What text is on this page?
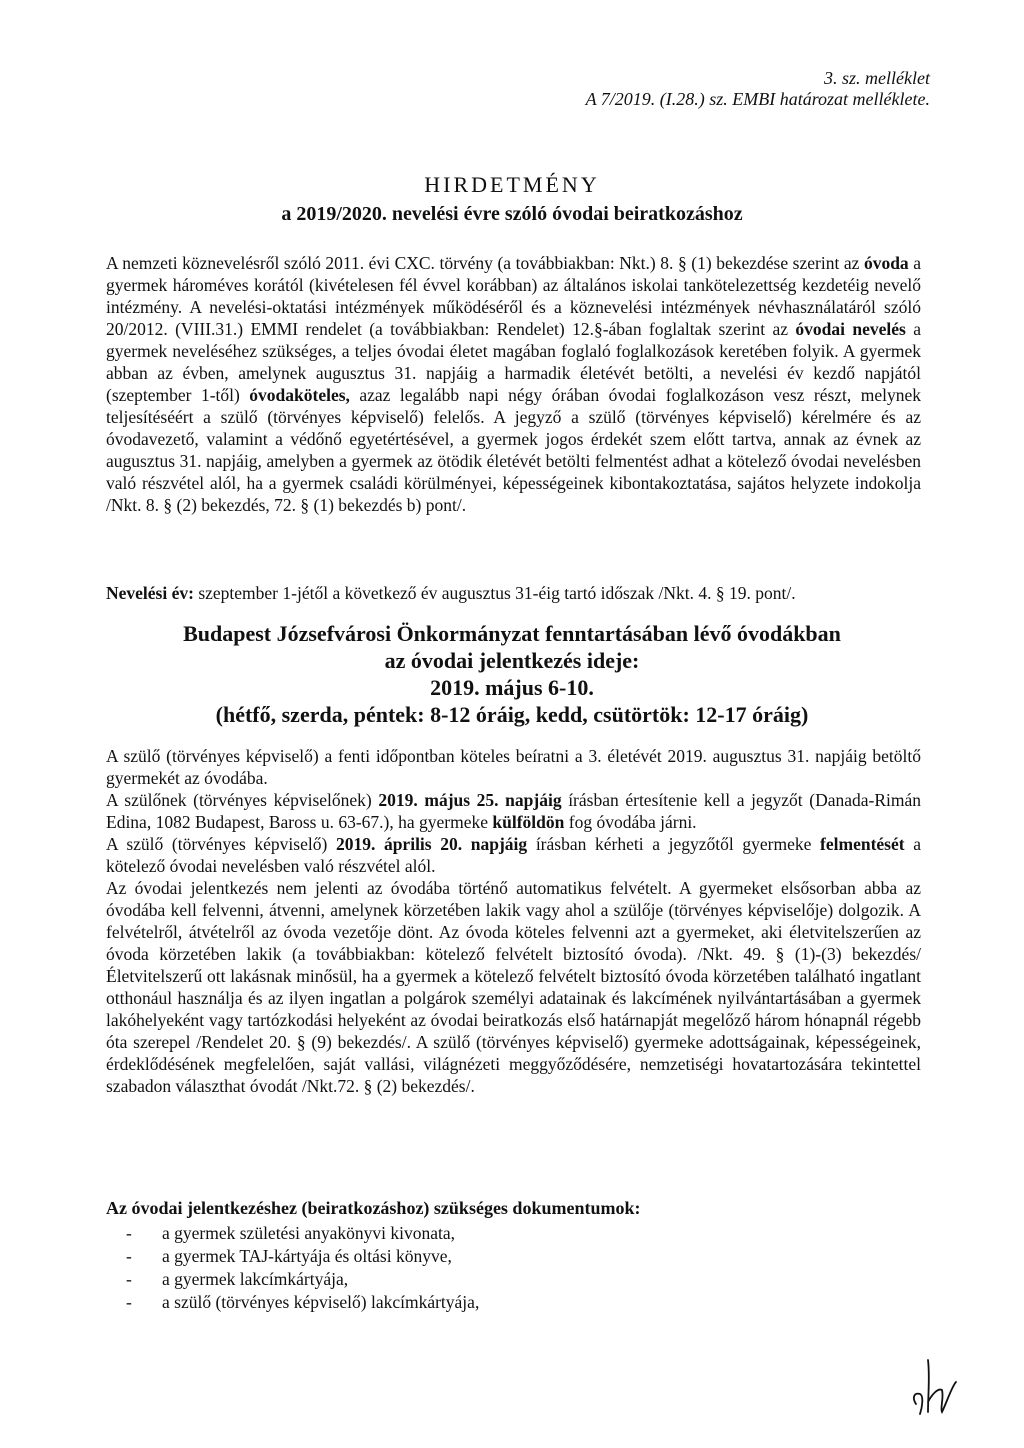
3. sz. melléklet
A 7/2019. (I.28.) sz. EMBI határozat melléklete.
HIRDETMÉNY
a 2019/2020. nevelési évre szóló óvodai beiratkozáshoz
A nemzeti köznevelésről szóló 2011. évi CXC. törvény (a továbbiakban: Nkt.) 8. § (1) bekezdése szerint az óvoda a gyermek hároméves korától (kivételesen fél évvel korábban) az általános iskolai tankötelezettség kezdetéig nevelő intézmény. A nevelési-oktatási intézmények működéséről és a köznevelési intézmények névhasználatáról szóló 20/2012. (VIII.31.) EMMI rendelet (a továbbiakban: Rendelet) 12.§-ában foglaltak szerint az óvodai nevelés a gyermek neveléséhez szükséges, a teljes óvodai életet magában foglaló foglalkozások keretében folyik. A gyermek abban az évben, amelynek augusztus 31. napjáig a harmadik életévét betölti, a nevelési év kezdő napjától (szeptember 1-től) óvodaköteles, azaz legalább napi négy órában óvodai foglalkozáson vesz részt, melynek teljesítéséért a szülő (törvényes képviselő) felelős. A jegyző a szülő (törvényes képviselő) kérelmére és az óvodavezető, valamint a védőnő egyetértésével, a gyermek jogos érdekét szem előtt tartva, annak az évnek az augusztus 31. napjáig, amelyben a gyermek az ötödik életévét betölti felmentést adhat a kötelező óvodai nevelésben való részvétel alól, ha a gyermek családi körülményei, képességeinek kibontakoztatása, sajátos helyzete indokolja /Nkt. 8. § (2) bekezdés, 72. § (1) bekezdés b) pont/.
Nevelési év: szeptember 1-jétől a következő év augusztus 31-éig tartó időszak /Nkt. 4. § 19. pont/.
Budapest Józsefvárosi Önkormányzat fenntartásában lévő óvodákban
az óvodai jelentkezés ideje:
2019. május 6-10.
(hétfő, szerda, péntek: 8-12 óráig, kedd, csütörtök: 12-17 óráig)
A szülő (törvényes képviselő) a fenti időpontban köteles beíratni a 3. életévét 2019. augusztus 31. napjáig betöltő gyermekét az óvodába.
A szülőnek (törvényes képviselőnek) 2019. május 25. napjáig írásban értesítenie kell a jegyzőt (Danada-Rimán Edina, 1082 Budapest, Baross u. 63-67.), ha gyermeke külföldön fog óvodába járni.
A szülő (törvényes képviselő) 2019. április 20. napjáig írásban kérheti a jegyzőtől gyermeke felmentését a kötelező óvodai nevelésben való részvétel alól.
Az óvodai jelentkezés nem jelenti az óvodába történő automatikus felvételt. A gyermeket elsősorban abba az óvodába kell felvenni, átvenni, amelynek körzetében lakik vagy ahol a szülője (törvényes képviselője) dolgozik. A felvételről, átvételről az óvoda vezetője dönt. Az óvoda köteles felvenni azt a gyermeket, aki életvitelszerűen az óvoda körzetében lakik (a továbbiakban: kötelező felvételt biztosító óvoda). /Nkt. 49. § (1)-(3) bekezdés/ Életvitelszerű ott lakásnak minősül, ha a gyermek a kötelező felvételt biztosító óvoda körzetében található ingatlant otthonául használja és az ilyen ingatlan a polgárok személyi adatainak és lakcímének nyilvántartásában a gyermek lakóhelyeként vagy tartózkodási helyeként az óvodai beiratkozás első határnapját megelőző három hónapnál régebb óta szerepel /Rendelet 20. § (9) bekezdés/. A szülő (törvényes képviselő) gyermeke adottságainak, képességeinek, érdeklődésének megfelelően, saját vallási, világnézeti meggyőződésére, nemzetiségi hovatartozására tekintettel szabadon választhat óvodát /Nkt.72. § (2) bekezdés/.
Az óvodai jelentkezéshez (beiratkozáshoz) szükséges dokumentumok:
- a gyermek születési anyakönyvi kivonata,
- a gyermek TAJ-kártyája és oltási könyve,
- a gyermek lakcímkártyája,
- a szülő (törvényes képviselő) lakcímkártyája,
